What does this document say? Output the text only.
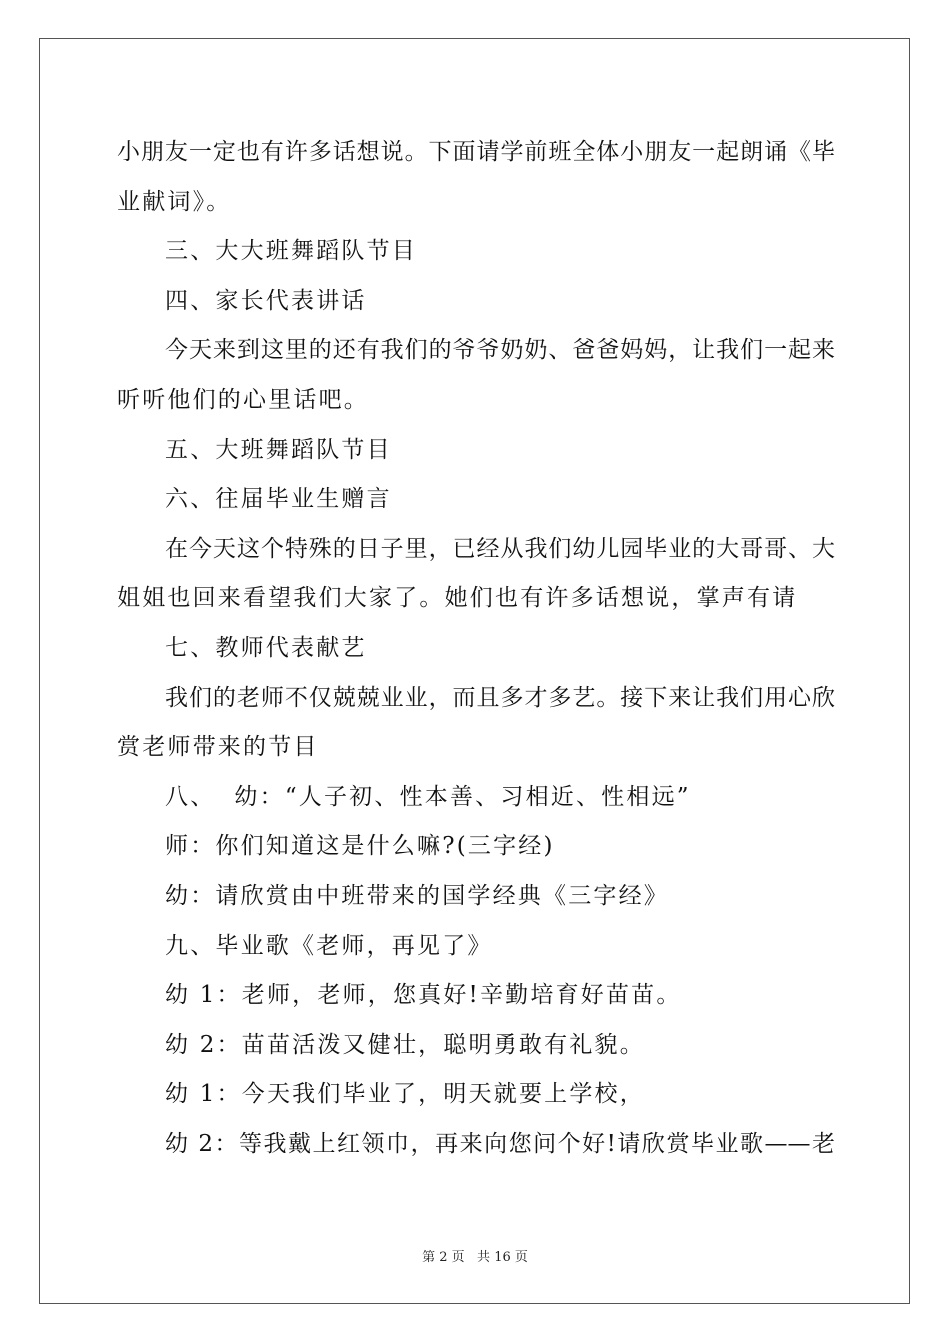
小朋友一定也有许多话想说。下面请学前班全体小朋友一起朗诵《毕
业献词》。
三、大大班舞蹈队节目
四、家长代表讲话
今天来到这里的还有我们的爷爷奶奶、爸爸妈妈，让我们一起来
听听他们的心里话吧。
五、大班舞蹈队节目
六、往届毕业生赠言
在今天这个特殊的日子里，已经从我们幼儿园毕业的大哥哥、大
姐姐也回来看望我们大家了。她们也有许多话想说，掌声有请
七、教师代表献艺
我们的老师不仅兢兢业业，而且多才多艺。接下来让我们用心欣
赏老师带来的节目
八、  幼：“人子初、性本善、习相近、性相远”
师：你们知道这是什么嘛?(三字经)
幼：请欣赏由中班带来的国学经典《三字经》
九、毕业歌《老师，再见了》
幼 1：老师，老师，您真好!辛勤培育好苗苗。
幼 2：苗苗活泼又健壮，聪明勇敢有礼貌。
幼 1：今天我们毕业了，明天就要上学校，
幼 2：等我戴上红领巾，再来向您问个好!请欣赏毕业歌——老
第 2 页   共 16 页
